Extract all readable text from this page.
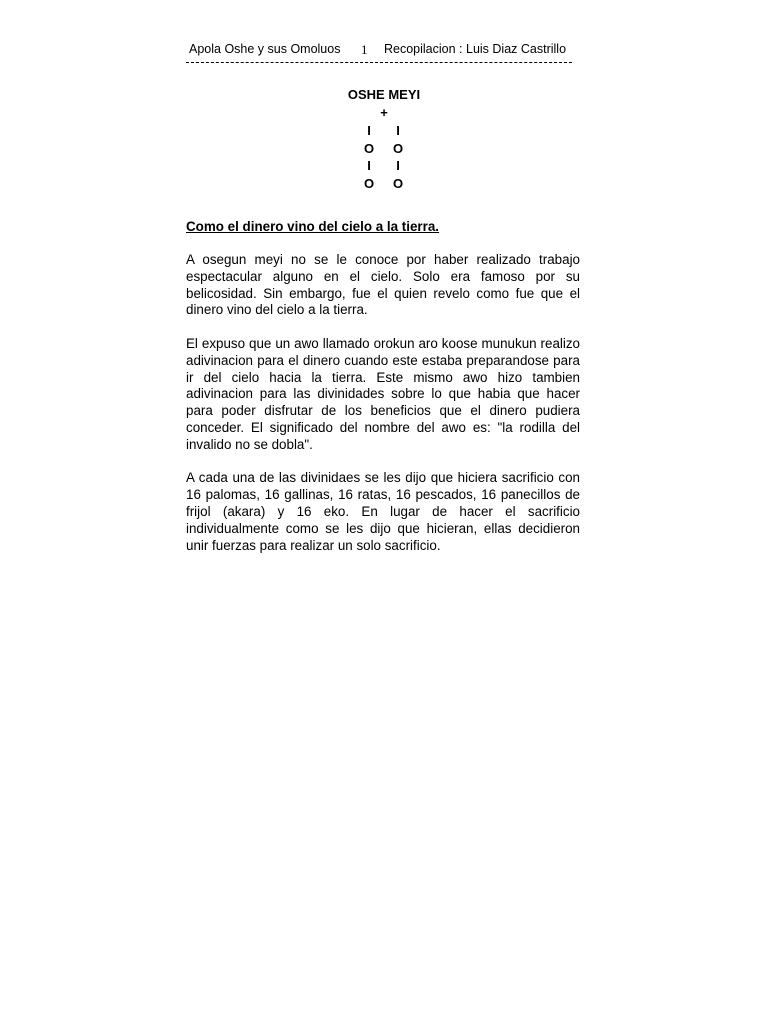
Apola Oshe y sus Omoluos 1 Recopilacion : Luis Diaz Castrillo
OSHE MEYI
+
I	I
O	O
I	I
O	O
Como el dinero vino del cielo a la tierra.

A osegun meyi no se le conoce por haber realizado trabajo espectacular alguno en el cielo. Solo era famoso por su belicosidad. Sin embargo, fue el quien revelo como fue que el dinero vino del cielo a la tierra.

El expuso que un awo llamado orokun aro koose munukun realizo adivinacion para el dinero cuando este estaba preparandose para ir del cielo hacia la tierra. Este mismo awo hizo tambien adivinacion para las divinidades sobre lo que habia que hacer para poder disfrutar de los beneficios que el dinero pudiera conceder. El significado del nombre del awo es: "la rodilla del invalido no se dobla".

A cada una de las divinidaes se les dijo que hiciera sacrificio con 16 palomas, 16 gallinas, 16 ratas, 16 pescados, 16 panecillos de frijol (akara) y 16 eko. En lugar de hacer el sacrificio individualmente como se les dijo que hicieran, ellas decidieron unir fuerzas para realizar un solo sacrificio.
